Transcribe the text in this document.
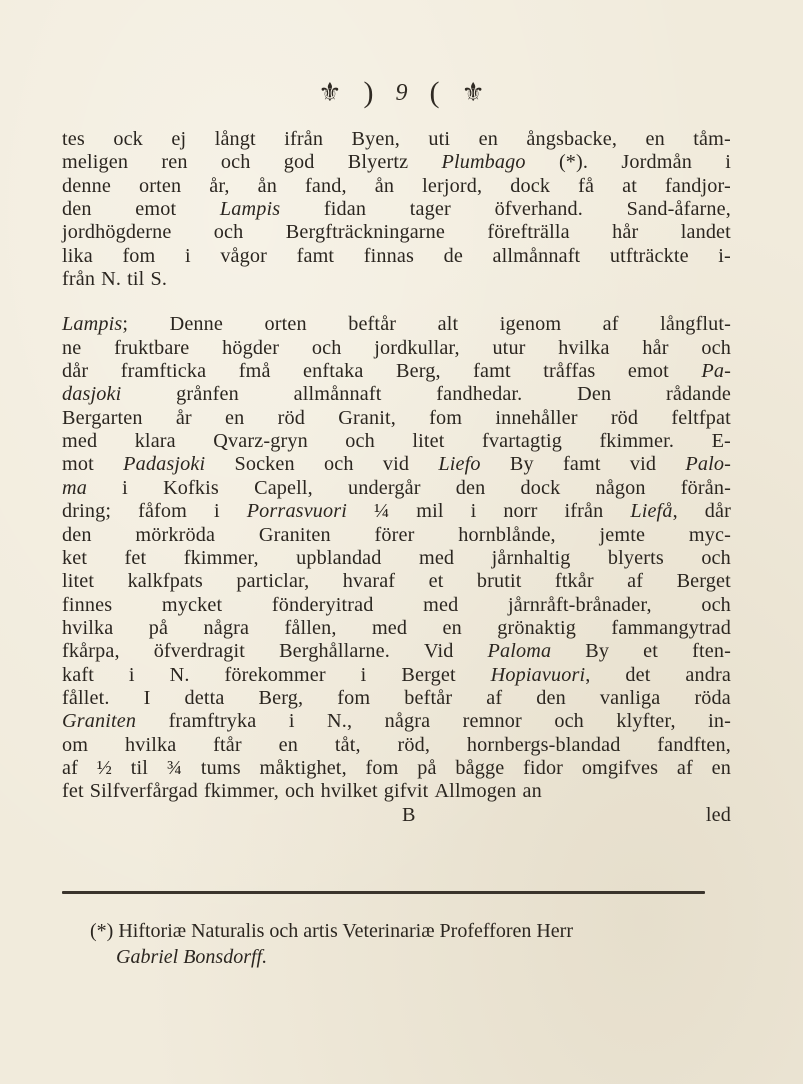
⚜ ) 9 ( ⚜
tes ock ej långt ifrån Byen, uti en ångsbacke, en tåm-
meligen ren och god Blyertz Plumbago (*). Jordmån i
denne orten år, ån fand, ån lerjord, dock få at fandjor-
den emot Lampis fidan tager öfverhand. Sand-åfarne,
jordhögderne och Bergfträckningarne förefträlla hår landet
lika fom i vågor famt finnas de allmånnaft utfträckte i-
från N. til S.
Lampis; Denne orten beftår alt igenom af långflut-
ne fruktbare högder och jordkullar, utur hvilka hår och
dår framfticka fmå enftaka Berg, famt tråffas emot Pa-
dasjoki	grånfen	allmånnaft	fandhedar.	Den	rådande
Bergarten år en röd Granit, fom innehåller röd feltfpat
med klara Qvarz-gryn och litet fvartagtig fkimmer. E-
mot Padasjoki Socken och vid Liefo By famt vid Palo-
ma i Kofkis Capell, undergår den dock någon förån-
dring; fåfom i Porrasvuori ¼ mil i norr ifrån Liefå, dår
den mörkröda Graniten förer hornblånde, jemte myc-
ket fet fkimmer, upblandad med jårnhaltig blyerts och
litet kalkfpats particlar, hvaraf et brutit ftkår af Berget
finnes mycket fönderyitrad med jårnråft-brånader, och
hvilka på några fållen, med en grönaktig fammangytrad
fkårpa, öfverdragit Berghållarne. Vid Paloma By et ften-
kaft i N. förekommer i Berget Hopiavuori, det andra
fållet. I detta Berg, fom beftår af den vanliga röda
Graniten framftryka i N., några remnor och klyfter, in-
om hvilka ftår en tåt, röd, hornbergs-blandad fandften,
af ½ til ¾ tums måktighet, fom på bågge fidor omgifves af en
fet Silfverfårgad fkimmer, och hvilket gifvit Allmogen an
B	led
(*) Hiftoriæ Naturalis och artis Veterinariæ Profefforen Herr
Gabriel Bonsdorff.
